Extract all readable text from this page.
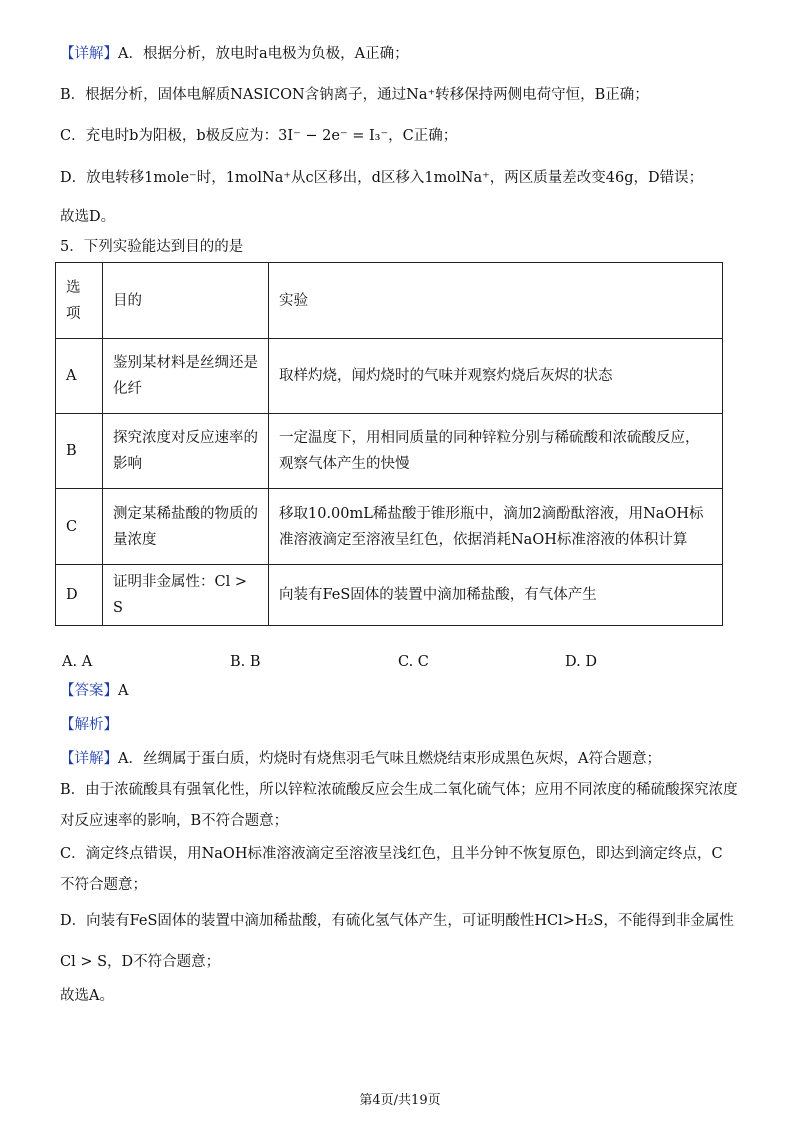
【详解】A．根据分析，放电时a电极为负极，A正确；
B．根据分析，固体电解质NASICON含钠离子，通过Na⁺转移保持两侧电荷守恒，B正确；
C．充电时b为阳极，b极反应为：3I⁻ − 2e⁻ = I₃⁻，C正确；
D．放电转移1mole⁻时，1molNa⁺从c区移出，d区移入1molNa⁺，两区质量差改变46g，D错误；
故选D。
5．下列实验能达到目的的是
选项	目的	实验
A	鉴别某材料是丝绸还是化纤	取样灼烧，闻灼烧时的气味并观察灼烧后灰烬的状态
B	探究浓度对反应速率的影响	一定温度下，用相同质量的同种锌粒分别与稀硫酸和浓硫酸反应，观察气体产生的快慢
C	测定某稀盐酸的物质的量浓度	移取10.00mL稀盐酸于锥形瓶中，滴加2滴酚酞溶液，用NaOH标准溶液滴定至溶液呈红色，依据消耗NaOH标准溶液的体积计算
D	证明非金属性：Cl > S	向装有FeS固体的装置中滴加稀盐酸，有气体产生
A. A	B. B	C. C	D. D
【答案】A
【解析】
【详解】A．丝绸属于蛋白质，灼烧时有烧焦羽毛气味且燃烧结束形成黑色灰烬，A符合题意；
B．由于浓硫酸具有强氧化性，所以锌粒浓硫酸反应会生成二氧化硫气体；应用不同浓度的稀硫酸探究浓度
对反应速率的影响，B不符合题意；
C．滴定终点错误，用NaOH标准溶液滴定至溶液呈浅红色，且半分钟不恢复原色，即达到滴定终点，C
不符合题意；
D．向装有FeS固体的装置中滴加稀盐酸，有硫化氢气体产生，可证明酸性HCl>H₂S，不能得到非金属性
Cl > S，D不符合题意；
故选A。
第4页/共19页
